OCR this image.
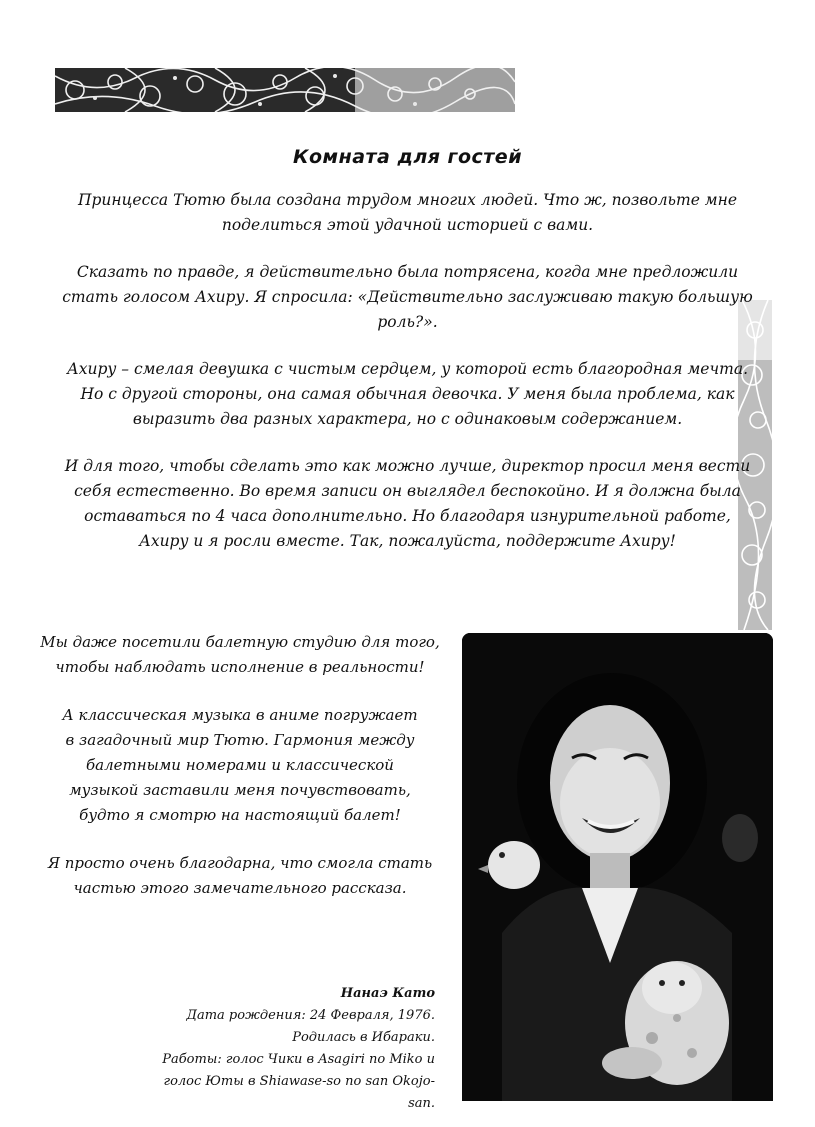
Комната для гостей

Принцесса Тютю была создана трудом многих людей. Что ж, позвольте мне поделиться этой удачной историей с вами.

Сказать по правде, я действительно была потрясена, когда мне предложили стать голосом Ахиру. Я спросила: «Действительно заслуживаю такую большую роль?».

Ахиру – смелая девушка с чистым сердцем, у которой есть благородная мечта. Но с другой стороны, она самая обычная девочка. У меня была проблема, как выразить два разных характера, но с одинаковым содержанием.

И для того, чтобы сделать это как можно лучше, директор просил меня вести себя естественно. Во время записи он выглядел беспокойно. И я должна была оставаться по 4 часа дополнительно. Но благодаря изнурительной работе, Ахиру и я росли вместе. Так, пожалуйста, поддержите Ахиру!

Мы даже посетили балетную студию для того,
чтобы наблюдать исполнение в реальности!

А классическая музыка в аниме погружает
в загадочный мир Тютю. Гармония между
балетными номерами и классической
музыкой заставили меня почувствовать,
будто я смотрю на настоящий балет!

Я просто очень благодарна, что смогла стать
частью этого замечательного рассказа.

Нанаэ Като
Дата рождения: 24 Февраля, 1976.
Родилась в Ибараки.
Работы: голос Чики в Asagiri no Miko и
голос Юты в Shiawase-so no san Okojo-san.
